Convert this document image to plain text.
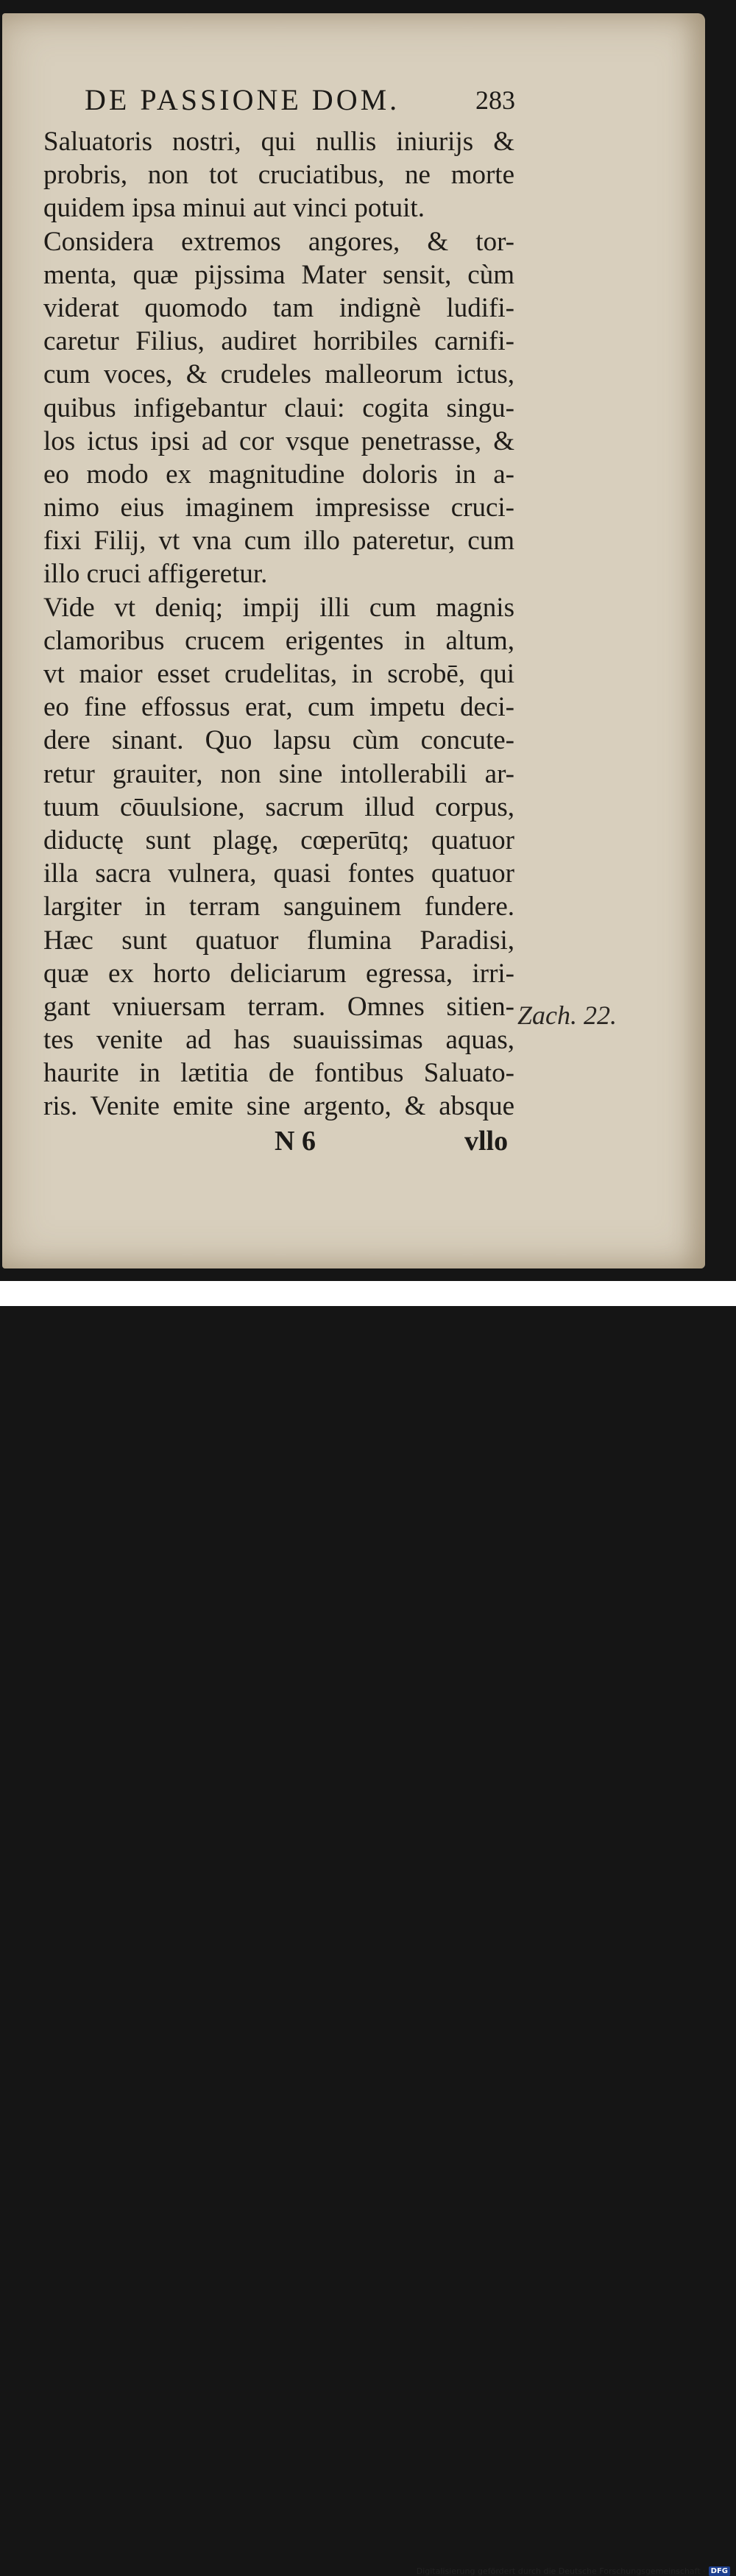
DE PASSIONE DOM.	283
Saluatoris nostri, qui nullis iniurijs &
probris, non tot cruciatibus, ne morte
quidem ipsa minui aut vinci potuit.
Considera extremos angores, & tor-
menta, quæ pijssima Mater sensit, cùm
viderat quomodo tam indignè ludifi-
caretur Filius, audiret horribiles carnifi-
cum voces, & crudeles malleorum ictus,
quibus infigebantur claui: cogita singu-
los ictus ipsi ad cor vsque penetrasse, &
eo modo ex magnitudine doloris in a-
nimo eius imaginem impresisse cruci-
fixi Filij, vt vna cum illo pateretur, cum
illo cruci affigeretur.
Vide vt deniq; impij illi cum magnis
clamoribus crucem erigentes in altum,
vt maior esset crudelitas, in scrobē, qui
eo fine effossus erat, cum impetu deci-
dere sinant. Quo lapsu cùm concute-
retur grauiter, non sine intollerabili ar-
tuum cōuulsione, sacrum illud corpus,
diductę sunt plagę, cœperūtq; quatuor
illa sacra vulnera, quasi fontes quatuor
largiter in terram sanguinem fundere.
Hæc sunt quatuor flumina Paradisi,
quæ ex horto deliciarum egressa, irri-
gant vniuersam terram. Omnes sitien-
tes venite ad has suauissimas aquas,
haurite in lætitia de fontibus Saluato-
ris. Venite emite sine argento, & absque
Zach. 22.
N 6	vllo
Digitalisierung gefördert durch die Deutsche Forschungsgemeinschaft · DFG
